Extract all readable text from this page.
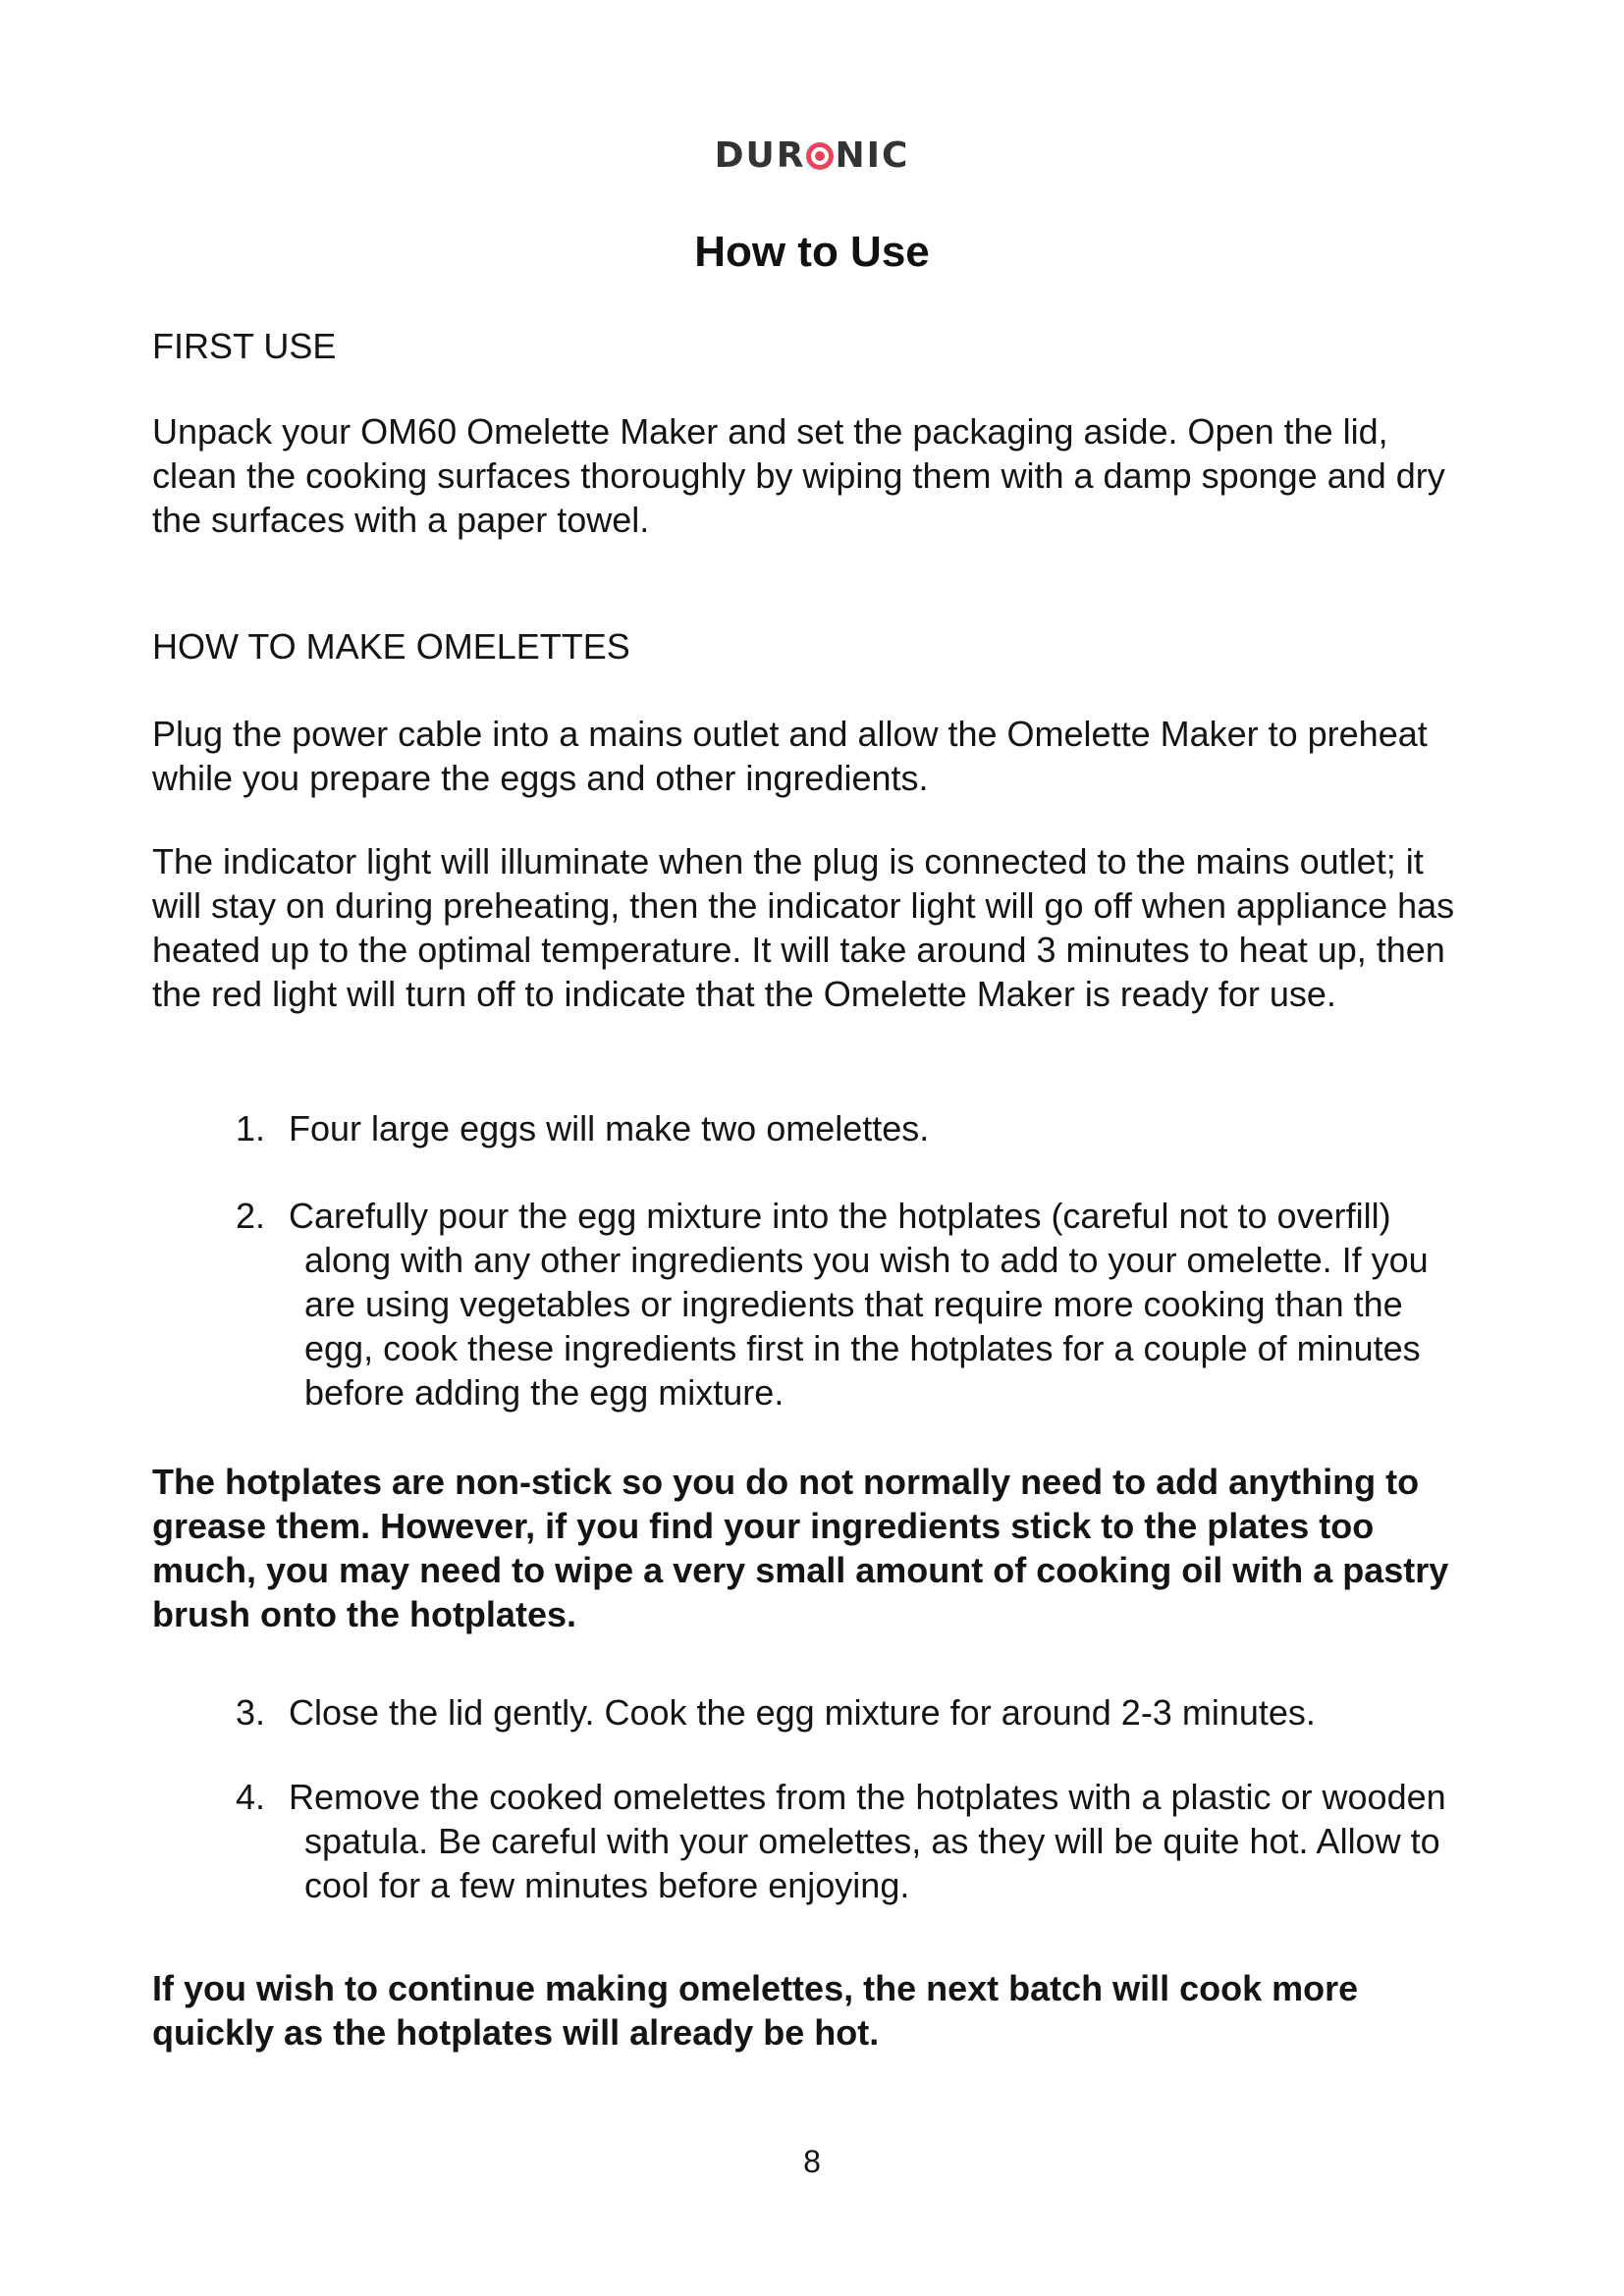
DUR NIC
How to Use
FIRST USE
Unpack your OM60 Omelette Maker and set the packaging aside. Open the lid, clean the cooking surfaces thoroughly by wiping them with a damp sponge and dry the surfaces with a paper towel.
HOW TO MAKE OMELETTES
Plug the power cable into a mains outlet and allow the Omelette Maker to preheat while you prepare the eggs and other ingredients.
The indicator light will illuminate when the plug is connected to the mains outlet; it will stay on during preheating, then the indicator light will go off when appliance has heated up to the optimal temperature. It will take around 3 minutes to heat up, then the red light will turn off to indicate that the Omelette Maker is ready for use.
1. Four large eggs will make two omelettes.
2. Carefully pour the egg mixture into the hotplates (careful not to overfill) along with any other ingredients you wish to add to your omelette. If you are using vegetables or ingredients that require more cooking than the egg, cook these ingredients first in the hotplates for a couple of minutes before adding the egg mixture.
The hotplates are non-stick so you do not normally need to add anything to grease them. However, if you find your ingredients stick to the plates too much, you may need to wipe a very small amount of cooking oil with a pastry brush onto the hotplates.
3. Close the lid gently. Cook the egg mixture for around 2-3 minutes.
4. Remove the cooked omelettes from the hotplates with a plastic or wooden spatula. Be careful with your omelettes, as they will be quite hot. Allow to cool for a few minutes before enjoying.
If you wish to continue making omelettes, the next batch will cook more quickly as the hotplates will already be hot.
8
